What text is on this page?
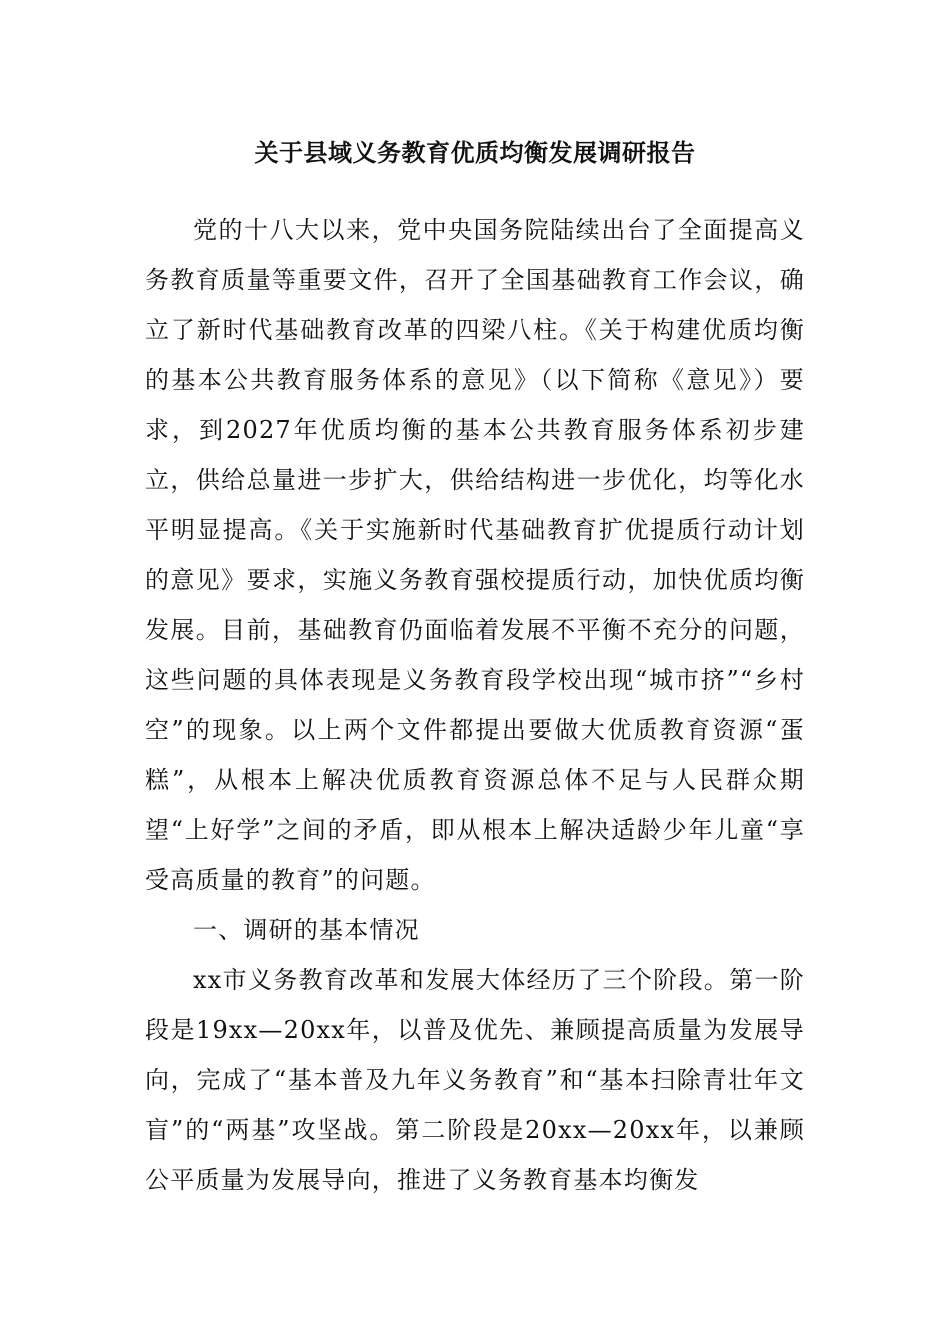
关于县域义务教育优质均衡发展调研报告

党的十八大以来，党中央国务院陆续出台了全面提高义务教育质量等重要文件，召开了全国基础教育工作会议，确立了新时代基础教育改革的四梁八柱。《关于构建优质均衡的基本公共教育服务体系的意见》（以下简称《意见》）要求，到2027年优质均衡的基本公共教育服务体系初步建立，供给总量进一步扩大，供给结构进一步优化，均等化水平明显提高。《关于实施新时代基础教育扩优提质行动计划的意见》要求，实施义务教育强校提质行动，加快优质均衡发展。目前，基础教育仍面临着发展不平衡不充分的问题，这些问题的具体表现是义务教育段学校出现“城市挤”“乡村空”的现象。以上两个文件都提出要做大优质教育资源“蛋糕”，从根本上解决优质教育资源总体不足与人民群众期望“上好学”之间的矛盾，即从根本上解决适龄少年儿童“享受高质量的教育”的问题。

一、调研的基本情况

xx市义务教育改革和发展大体经历了三个阶段。第一阶段是19xx—20xx年，以普及优先、兼顾提高质量为发展导向，完成了“基本普及九年义务教育”和“基本扫除青壮年文盲”的“两基”攻坚战。第二阶段是20xx—20xx年，以兼顾公平质量为发展导向，推进了义务教育基本均衡发
